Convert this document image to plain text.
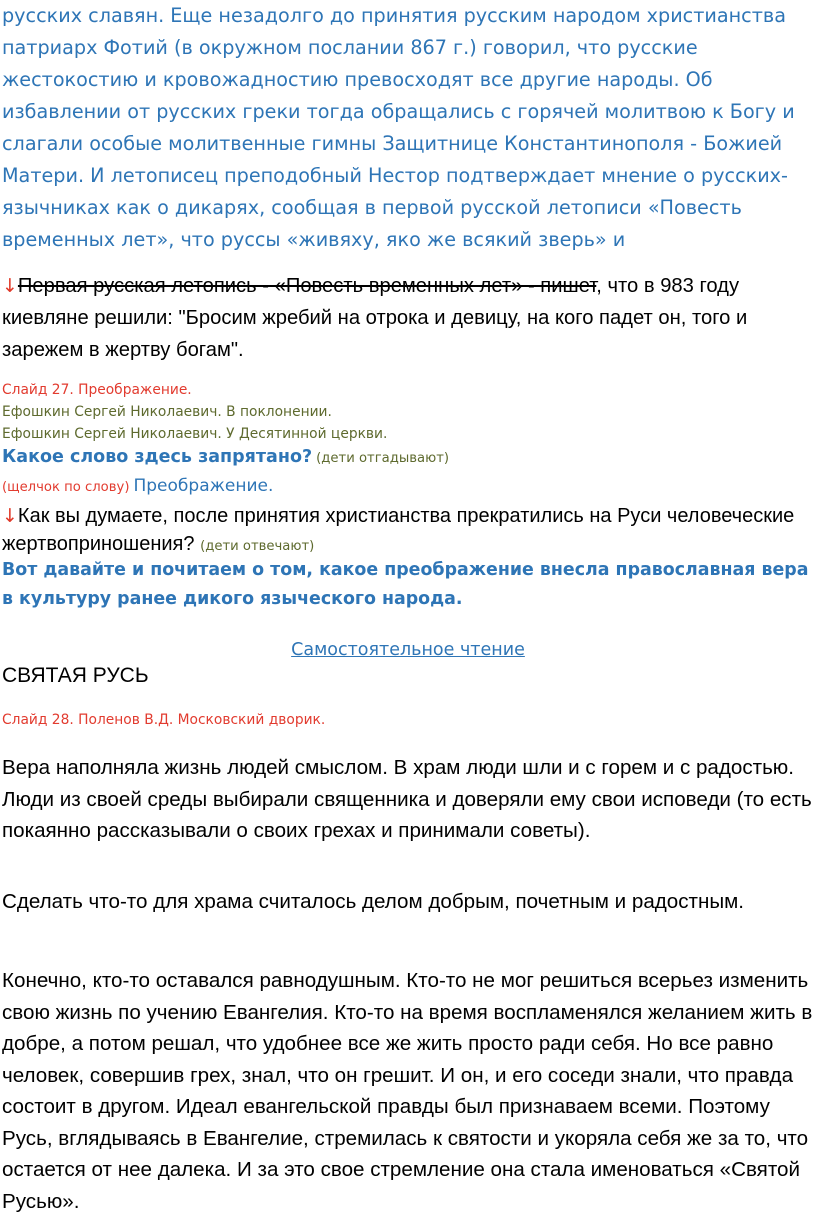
русских славян. Еще незадолго до принятия русским народом христианства патриарх Фотий (в окружном послании 867 г.) говорил, что русские жестокостию и кровожадностию превосходят все другие народы. Об избавлении от русских греки тогда обращались с горячей молитвою к Богу и слагали особые молитвенные гимны Защитнице Константинополя - Божией Матери. И летописец преподобный Нестор подтверждает мнение о русских-язычниках как о дикарях, сообщая в первой русской летописи «Повесть временных лет», что руссы «живяху, яко же всякий зверь» и

↓Первая русская летопись - «Повесть временных лет» - пишет, что в 983 году киевляне решили: "Бросим жребий на отрока и девицу, на кого падет он, того и зарежем в жертву богам".

Слайд 27. Преображение.

Ефошкин Сергей Николаевич. В поклонении.

Ефошкин Сергей Николаевич. У Десятинной церкви.

Какое слово здесь запрятано? (дети отгадывают)

(щелчок по слову) Преображение.

↓Как вы думаете, после принятия христианства прекратились на Руси человеческие жертвоприношения? (дети отвечают)

Вот давайте и почитаем о том, какое преображение внесла православная вера в культуру ранее дикого языческого народа.

Самостоятельное чтение

СВЯТАЯ РУСЬ

Слайд 28. Поленов В.Д. Московский дворик.

Вера наполняла жизнь людей смыслом. В храм люди шли и с горем и с радостью. Люди из своей среды выбирали священника и доверяли ему свои исповеди (то есть покаянно рассказывали о своих грехах и принимали советы).

Сделать что-то для храма считалось делом добрым, почетным и радостным.

Конечно, кто-то оставался равнодушным. Кто-то не мог решиться всерьез изменить свою жизнь по учению Евангелия. Кто-то на время воспламенялся желанием жить в добре, а потом решал, что удобнее все же жить просто ради себя. Но все равно человек, совершив грех, знал, что он грешит. И он, и его соседи знали, что правда состоит в другом. Идеал евангельской правды был признаваем всеми. Поэтому Русь, вглядываясь в Евангелие, стремилась к святости и укоряла себя же за то, что остается от нее далека. И за это свое стремление она стала именоваться «Святой Русью».
